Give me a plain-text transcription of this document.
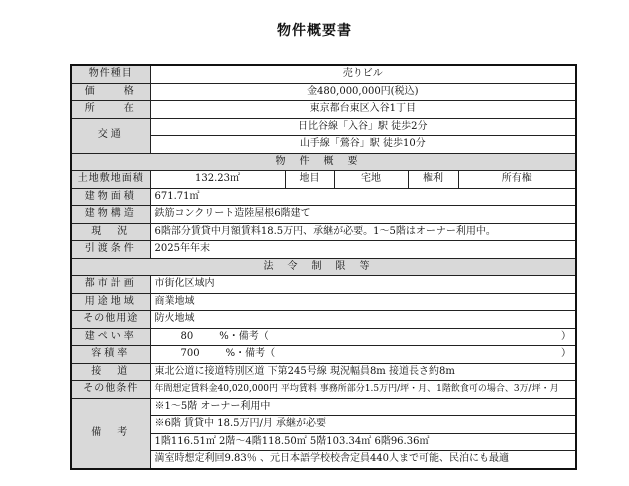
物件概要書
物件種目	売りビル				
価　　格	金480,000,000円(税込)				
所　　在	東京都台東区入谷1丁目				
交通	日比谷線「入谷」駅 徒歩2分				
	山手線「鶯谷」駅 徒歩10分				
物件概要					
土地敷地面積	132.23㎡	地目	宅地	権利	所有権
建物面積	671.71㎡				
建物構造	鉄筋コンクリート造陸屋根6階建て				
現　況	6階部分賃貸中月額賃料18.5万円、承継が必要。1～5階はオーナー利用中。				
引渡条件	2025年年末				
法令制限等					
都市計画	市街化区域内				
用途地域	商業地域				
その他用途	防火地域				
建ぺい率	80 %・備考（ ）				

容積率	700 %・備考（ ）				

接　道	東北公道に接道特別区道 下第245号線 現況幅員8m 接道長さ約8m				
その他条件	年間想定賃料金40,020,000円 平均賃料 事務所部分1.5万円/坪・月、1階飲食可の場合、3万/坪・月				
備　考	※1～5階 オーナー利用中				
	※6階 賃貸中 18.5万円/月 承継が必要				
	1階116.51㎡ 2階～4階118.50㎡ 5階103.34㎡ 6階96.36㎡				
	満室時想定利回9.83％ 、元日本語学校校舎定員440人まで可能、民泊にも最適				
